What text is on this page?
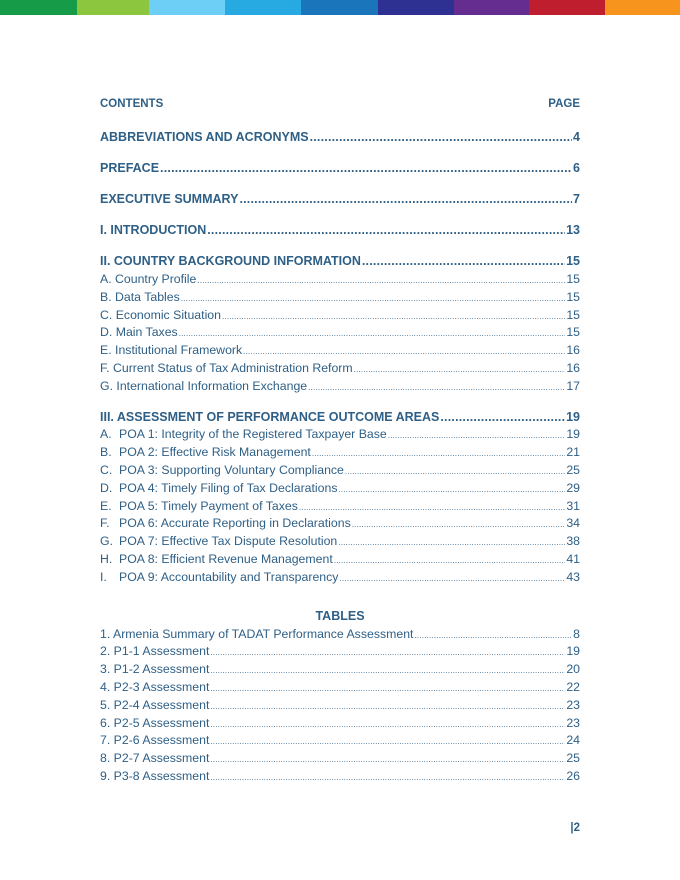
CONTENTS	PAGE
ABBREVIATIONS AND ACRONYMS .....	4
PREFACE .....	6
EXECUTIVE SUMMARY .....	7
I. INTRODUCTION .....	13
II. COUNTRY BACKGROUND INFORMATION .....	15
A. Country Profile .....	15
B. Data Tables .....	15
C. Economic Situation .....	15
D. Main Taxes .....	15
E. Institutional Framework .....	16
F. Current Status of Tax Administration Reform .....	16
G. International Information Exchange .....	17
III. ASSESSMENT OF PERFORMANCE OUTCOME AREAS .....	19
A. POA 1: Integrity of the Registered Taxpayer Base .....	19
B. POA 2: Effective Risk Management .....	21
C. POA 3: Supporting Voluntary Compliance .....	25
D. POA 4: Timely Filing of Tax Declarations .....	29
E. POA 5: Timely Payment of Taxes .....	31
F. POA 6: Accurate Reporting in Declarations .....	34
G. POA 7: Effective Tax Dispute Resolution .....	38
H. POA 8: Efficient Revenue Management .....	41
I. POA 9: Accountability and Transparency .....	43
TABLES
1. Armenia Summary of TADAT Performance Assessment .....	8
2. P1-1 Assessment .....	19
3. P1-2 Assessment .....	20
4. P2-3 Assessment .....	22
5. P2-4 Assessment .....	23
6. P2-5 Assessment .....	23
7. P2-6 Assessment .....	24
8. P2-7 Assessment .....	25
9. P3-8 Assessment .....	26
|2
